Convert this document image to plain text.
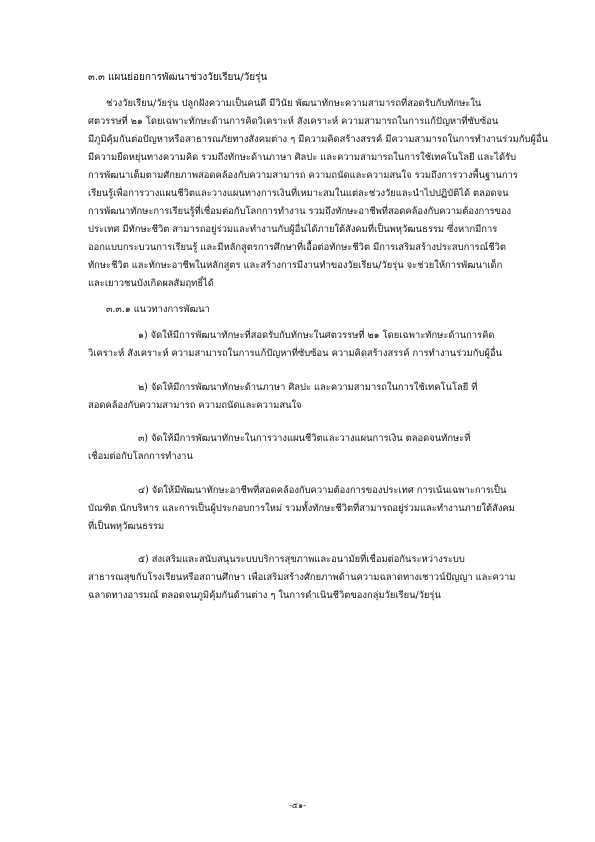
๓.๓ แผนย่อยการพัฒนาช่วงวัยเรียน/วัยรุ่น
ช่วงวัยเรียน/วัยรุ่น ปลูกฝังความเป็นคนดี มีวินัย พัฒนาทักษะความสามารถที่สอดรับกับทักษะใน
ศตวรรษที่ ๒๑ โดยเฉพาะทักษะด้านการคิดวิเคราะห์ สังเคราะห์ ความสามารถในการแก้ปัญหาที่ซับซ้อน
มีภูมิคุ้มกันต่อปัญหาหรือสาธารณภัยทางสังคมต่าง ๆ มีความคิดสร้างสรรค์ มีความสามารถในการทำงานร่วมกับผู้อื่น
มีความยืดหยุ่นทางความคิด รวมถึงทักษะด้านภาษา ศิลปะ และความสามารถในการใช้เทคโนโลยี และได้รับ
การพัฒนาเต็มตามศักยภาพสอดคล้องกับความสามารถ ความถนัดและความสนใจ รวมถึงการวางพื้นฐานการ
เรียนรู้เพื่อการวางแผนชีวิตและวางแผนทางการเงินที่เหมาะสมในแต่ละช่วงวัยและนำไปปฏิบัติได้ ตลอดจน
การพัฒนาทักษะการเรียนรู้ที่เชื่อมต่อกับโลกการทำงาน รวมถึงทักษะอาชีพที่สอดคล้องกับความต้องการของ
ประเทศ มีทักษะชีวิต สามารถอยู่ร่วมและทำงานกับผู้อื่นได้ภายใต้สังคมที่เป็นพหุวัฒนธรรม ซึ่งหากมีการ
ออกแบบกระบวนการเรียนรู้ และมีหลักสูตรการศึกษาที่เอื้อต่อทักษะชีวิต มีการเสริมสร้างประสบการณ์ชีวิต
ทักษะชีวิต และทักษะอาชีพในหลักสูตร และสร้างการมีงานทำของวัยเรียน/วัยรุ่น จะช่วยให้การพัฒนาเด็ก
และเยาวชนบังเกิดผลสัมฤทธิ์ได้
๓.๓.๑ แนวทางการพัฒนา
๑) จัดให้มีการพัฒนาทักษะที่สอดรับกับทักษะในศตวรรษที่ ๒๑ โดยเฉพาะทักษะด้านการคิด
วิเคราะห์ สังเคราะห์ ความสามารถในการแก้ปัญหาที่ซับซ้อน ความคิดสร้างสรรค์ การทำงานร่วมกับผู้อื่น
๒) จัดให้มีการพัฒนาทักษะด้านภาษา ศิลปะ และความสามารถในการใช้เทคโนโลยี ที่
สอดคล้องกับความสามารถ ความถนัดและความสนใจ
๓) จัดให้มีการพัฒนาทักษะในการวางแผนชีวิตและวางแผนการเงิน ตลอดจนทักษะที่
เชื่อมต่อกับโลกการทำงาน
๔) จัดให้มีพัฒนาทักษะอาชีพที่สอดคล้องกับความต้องการของประเทศ การเน้นเฉพาะการเป็น
บัณฑิต นักบริหาร และการเป็นผู้ประกอบการใหม่ รวมทั้งทักษะชีวิตที่สามารถอยู่ร่วมและทำงานภายใต้สังคม
ที่เป็นพหุวัฒนธรรม
๕) ส่งเสริมและสนับสนุนระบบบริการสุขภาพและอนามัยที่เชื่อมต่อกันระหว่างระบบ
สาธารณสุขกับโรงเรียนหรือสถานศึกษา เพื่อเสริมสร้างศักยภาพด้านความฉลาดทางเชาวน์ปัญญา และความ
ฉลาดทางอารมณ์ ตลอดจนภูมิคุ้มกันด้านต่าง ๆ ในการดำเนินชีวิตของกลุ่มวัยเรียน/วัยรุ่น
-๕๑-
